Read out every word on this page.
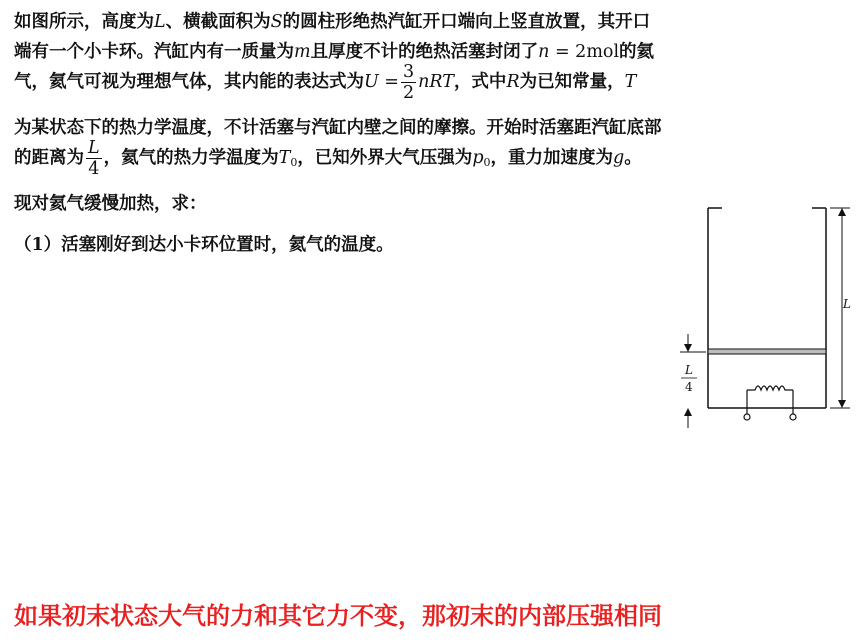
如图所示，高度为L、横截面积为S的圆柱形绝热汽缸开口端向上竖直放置，其开口
端有一个小卡环。汽缸内有一质量为m且厚度不计的绝热活塞封闭了n = 2mol的氦
气，氦气可视为理想气体，其内能的表达式为$U = \frac{3}{2}$ nRT，式中R为已知常量，T
为某状态下的热力学温度，不计活塞与汽缸内壁之间的摩擦。开始时活塞距汽缸底部
的距离为 $\frac{L}{4}$ ，氦气的热力学温度为$T_0$，已知外界大气压强为$p_0$，重力加速度为g。
现对氦气缓慢加热，求：
（1）活塞刚好到达小卡环位置时，氦气的温度。
L
L
4
如果初末状态大气的力和其它力不变，那初末的内部压强相同
